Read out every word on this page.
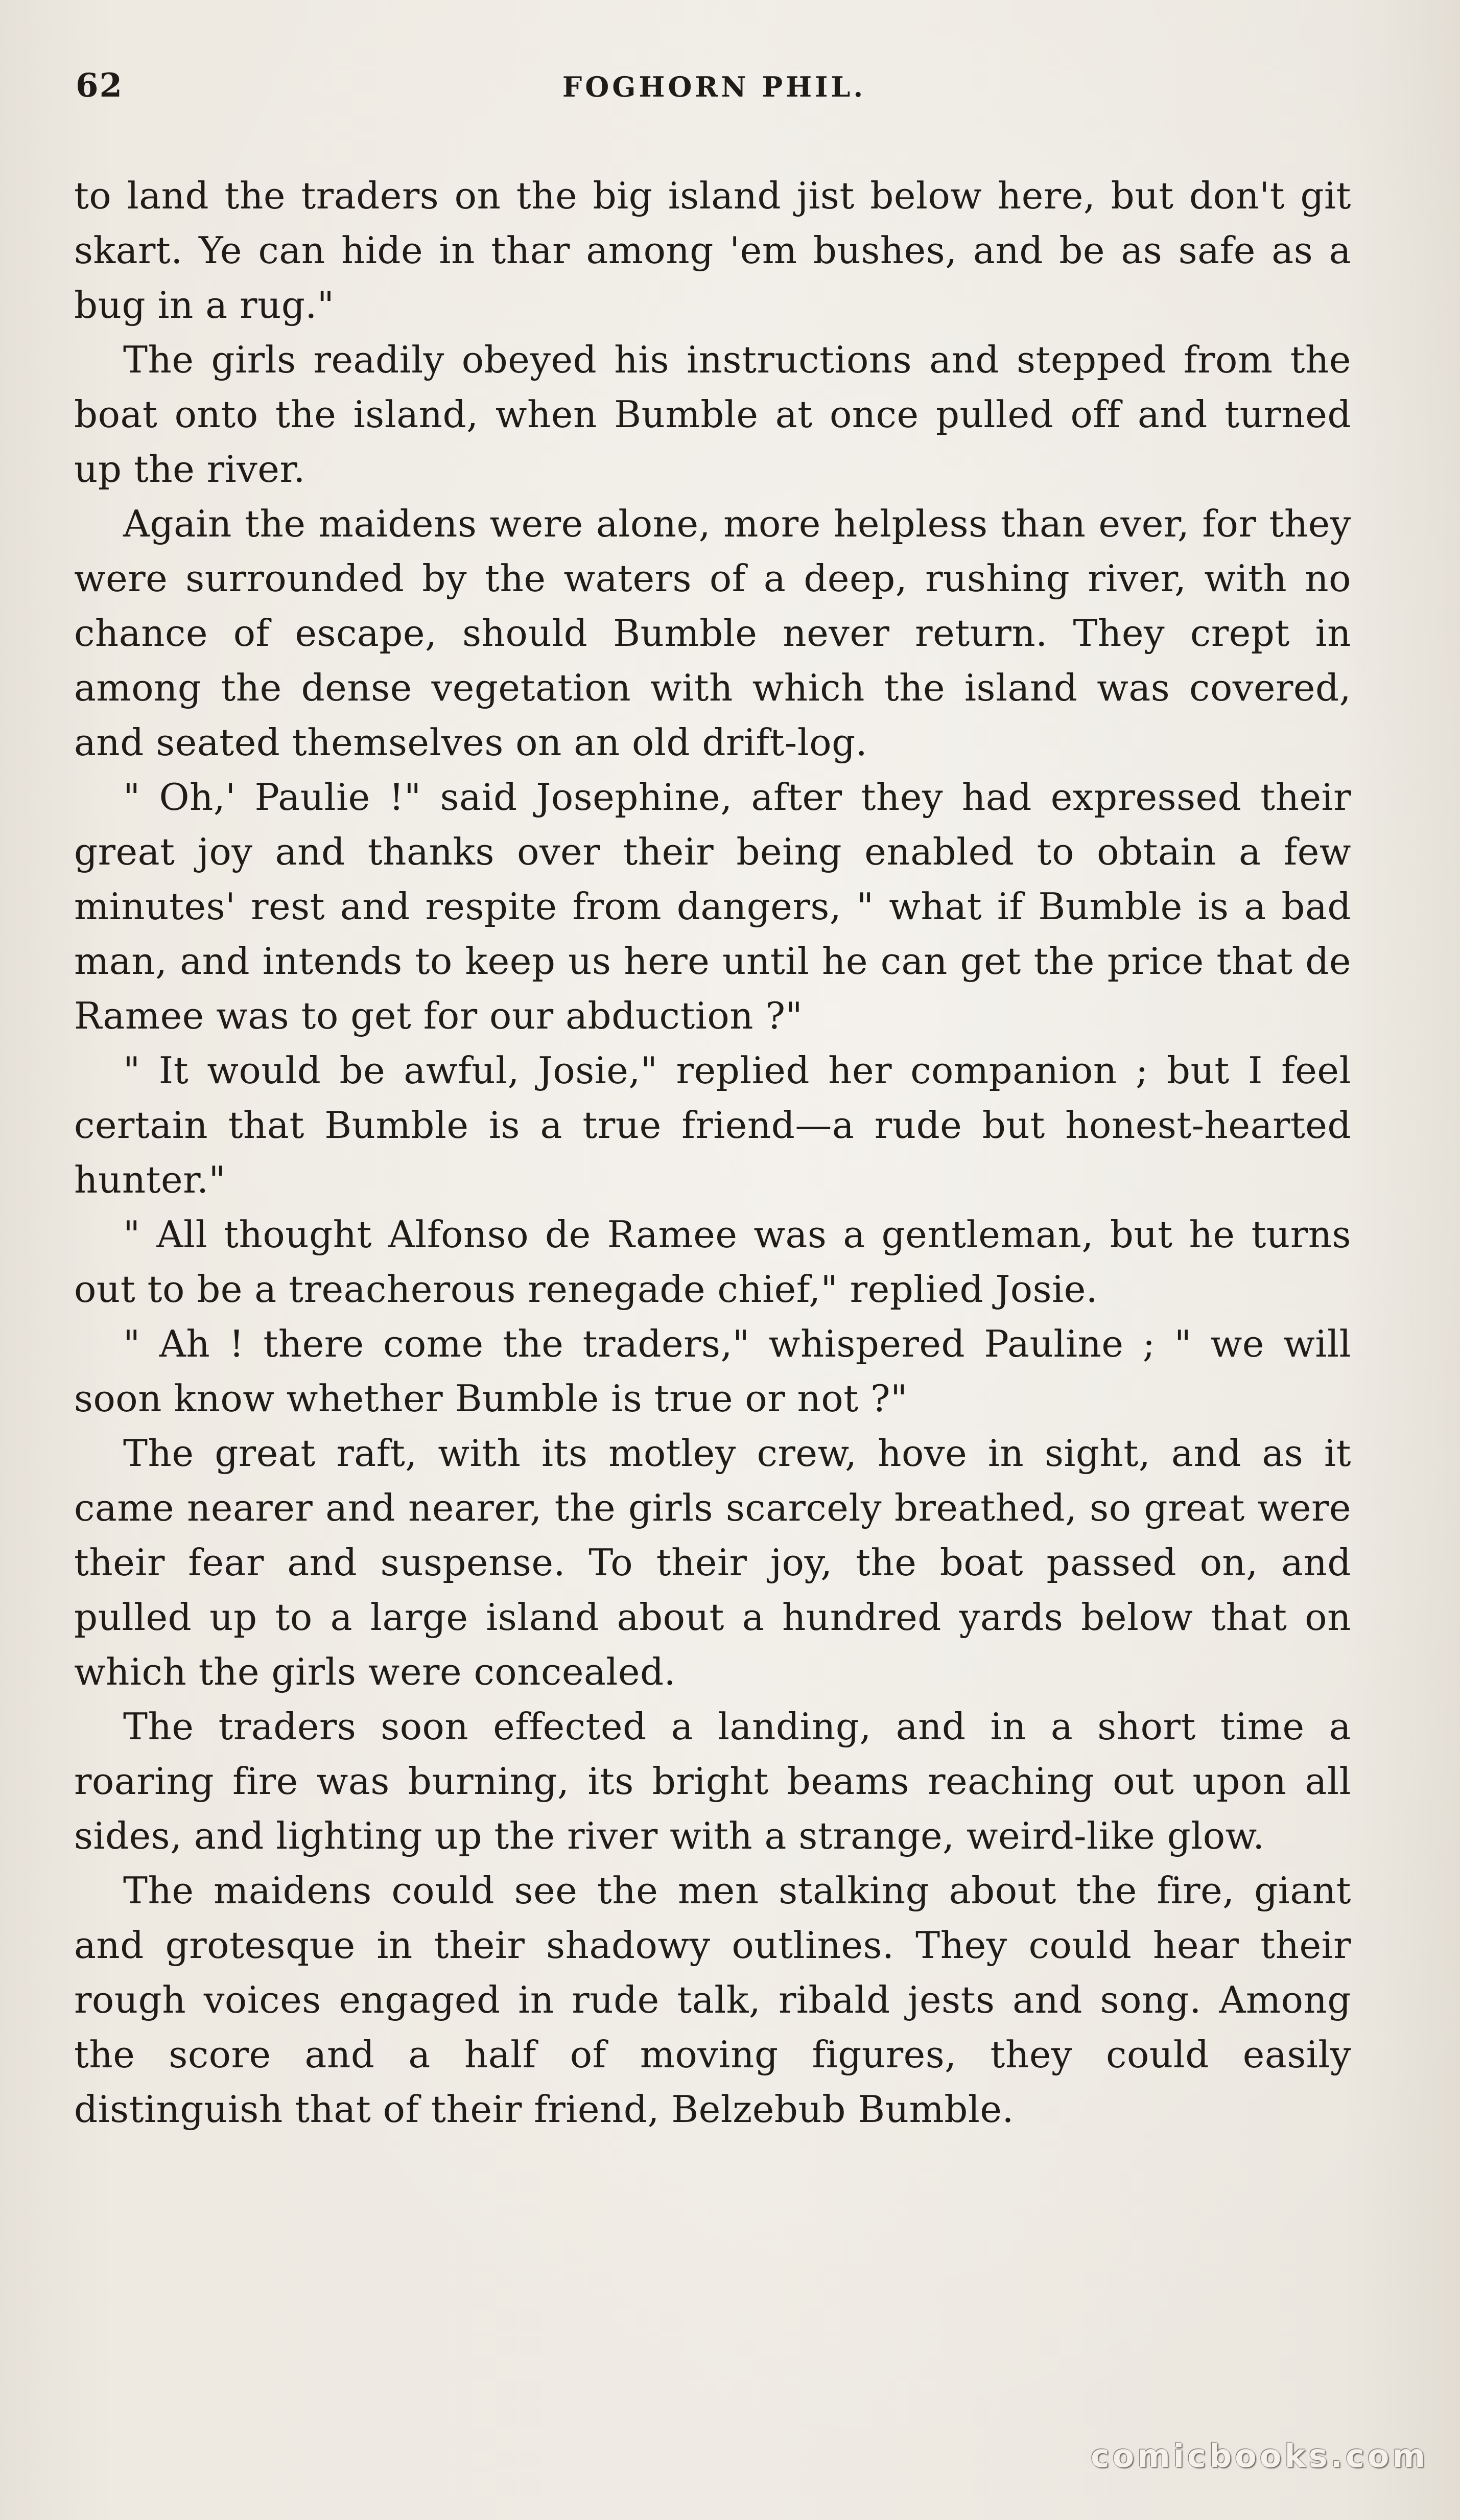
62	FOGHORN PHIL.

to land the traders on the big island jist below here, but don't git skart. Ye can hide in thar among 'em bushes, and be as safe as a bug in a rug."

The girls readily obeyed his instructions and stepped from the boat onto the island, when Bumble at once pulled off and turned up the river.

Again the maidens were alone, more helpless than ever, for they were surrounded by the waters of a deep, rushing river, with no chance of escape, should Bumble never return. They crept in among the dense vegetation with which the island was covered, and seated themselves on an old drift-log.

" Oh,' Paulie !" said Josephine, after they had expressed their great joy and thanks over their being enabled to obtain a few minutes' rest and respite from dangers, " what if Bumble is a bad man, and intends to keep us here until he can get the price that de Ramee was to get for our abduction ?"

" It would be awful, Josie," replied her companion ; but I feel certain that Bumble is a true friend—a rude but honest-hearted hunter."

" All thought Alfonso de Ramee was a gentleman, but he turns out to be a treacherous renegade chief," replied Josie.

" Ah ! there come the traders," whispered Pauline ; " we will soon know whether Bumble is true or not ?"

The great raft, with its motley crew, hove in sight, and as it came nearer and nearer, the girls scarcely breathed, so great were their fear and suspense. To their joy, the boat passed on, and pulled up to a large island about a hundred yards below that on which the girls were concealed.

The traders soon effected a landing, and in a short time a roaring fire was burning, its bright beams reaching out upon all sides, and lighting up the river with a strange, weird-like glow.

The maidens could see the men stalking about the fire, giant and grotesque in their shadowy outlines. They could hear their rough voices engaged in rude talk, ribald jests and song. Among the score and a half of moving figures, they could easily distinguish that of their friend, Belzebub Bumble.

comicbooks.com
